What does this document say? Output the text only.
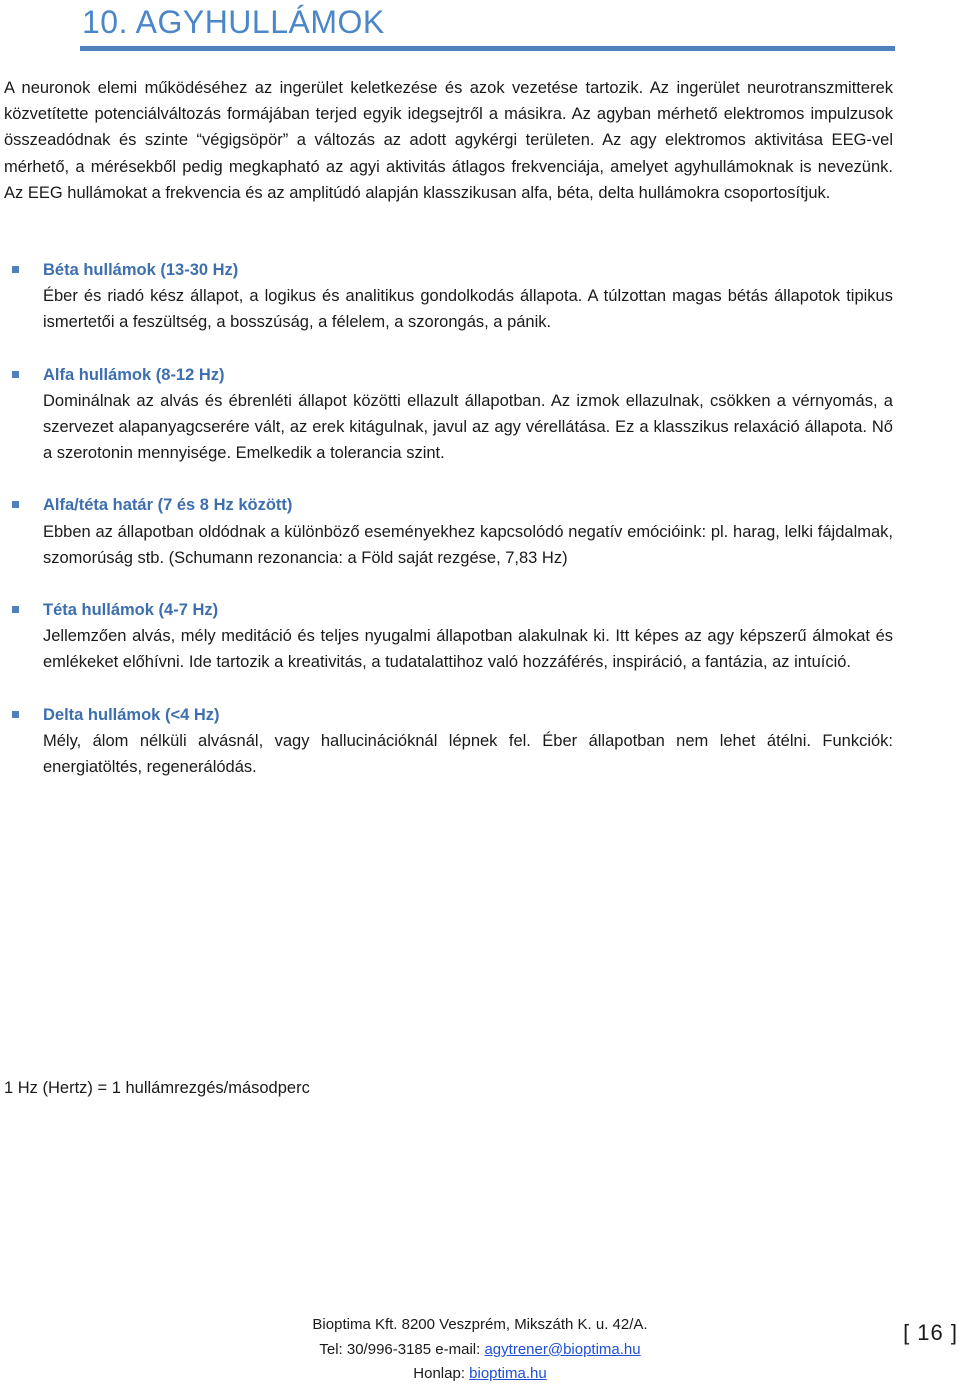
10. AGYHULLÁMOK

A neuronok elemi működéséhez az ingerület keletkezése és azok vezetése tartozik. Az ingerület neurotranszmitterek közvetítette potenciálváltozás formájában terjed egyik idegsejtről a másikra. Az agyban mérhető elektromos impulzusok összeadódnak és szinte “végigsöpör” a változás az adott agykérgi területen. Az agy elektromos aktivitása EEG-vel mérhető, a mérésekből pedig megkapható az agyi aktivitás átlagos frekvenciája, amelyet agyhullámoknak is nevezünk. Az EEG hullámokat a frekvencia és az amplitúdó alapján klasszikusan alfa, béta, delta hullámokra csoportosítjuk.

Béta hullámok (13-30 Hz)

Éber és riadó kész állapot, a logikus és analitikus gondolkodás állapota. A túlzottan magas bétás állapotok tipikus ismertetői a feszültség, a bosszúság, a félelem, a szorongás, a pánik.

Alfa hullámok (8-12 Hz)

Dominálnak az alvás és ébrenléti állapot közötti ellazult állapotban. Az izmok ellazulnak, csökken a vérnyomás, a szervezet alapanyagcserére vált, az erek kitágulnak, javul az agy vérellátása. Ez a klasszikus relaxáció állapota. Nő a szerotonin mennyisége. Emelkedik a tolerancia szint.

Alfa/téta határ (7 és 8 Hz között)

Ebben az állapotban oldódnak a különböző eseményekhez kapcsolódó negatív emócióink: pl. harag, lelki fájdalmak, szomorúság stb. (Schumann rezonancia: a Föld saját rezgése, 7,83 Hz)

Téta hullámok (4-7 Hz)

Jellemzően alvás, mély meditáció és teljes nyugalmi állapotban alakulnak ki. Itt képes az agy képszerű álmokat és emlékeket előhívni. Ide tartozik a kreativitás, a tudatalattihoz való hozzáférés, inspiráció, a fantázia, az intuíció.

Delta hullámok (<4 Hz)

Mély, álom nélküli alvásnál, vagy hallucinációknál lépnek fel. Éber állapotban nem lehet átélni. Funkciók: energiatöltés, regenerálódás.

1 Hz (Hertz) = 1 hullámrezgés/másodperc
Bioptima Kft. 8200 Veszprém, Mikszáth K. u. 42/A.
Tel: 30/996-3185 e-mail: agytrener@bioptima.hu
Honlap: bioptima.hu
[ 16 ]
